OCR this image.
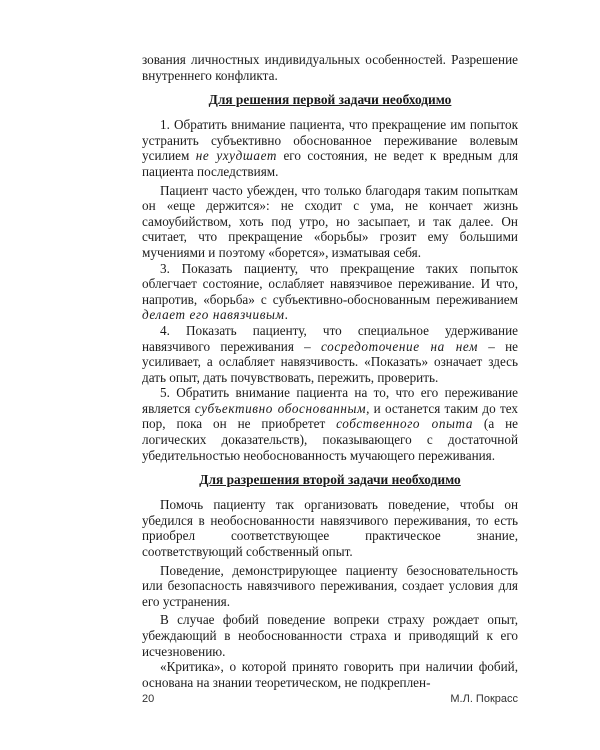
зования личностных индивидуальных особенностей. Разрешение внутреннего конфликта.

Для решения первой задачи необходимо

1. Обратить внимание пациента, что прекращение им попыток устранить субъективно обоснованное переживание волевым усилием не ухудшает его состояния, не ведет к вредным для пациента последствиям.

Пациент часто убежден, что только благодаря таким попыткам он «еще держится»: не сходит с ума, не кончает жизнь самоубийством, хоть под утро, но засыпает, и так далее. Он считает, что прекращение «борьбы» грозит ему большими мучениями и поэтому «борется», изматывая себя.

3. Показать пациенту, что прекращение таких попыток облегчает состояние, ослабляет навязчивое переживание. И что, напротив, «борьба» с субъективно-обоснованным переживанием делает его навязчивым.

4. Показать пациенту, что специальное удерживание навязчивого переживания – сосредоточение на нем – не усиливает, а ослабляет навязчивость. «Показать» означает здесь дать опыт, дать почувствовать, пережить, проверить.

5. Обратить внимание пациента на то, что его переживание является субъективно обоснованным, и останется таким до тех пор, пока он не приобретет собственного опыта (а не логических доказательств), показывающего с достаточной убедительностью необоснованность мучающего переживания.

Для разрешения второй задачи необходимо

Помочь пациенту так организовать поведение, чтобы он убедился в необоснованности навязчивого переживания, то есть приобрел соответствующее практическое знание, соответствующий собственный опыт.

Поведение, демонстрирующее пациенту безосновательность или безопасность навязчивого переживания, создает условия для его устранения.

В случае фобий поведение вопреки страху рождает опыт, убеждающий в необоснованности страха и приводящий к его исчезновению.

«Критика», о которой принято говорить при наличии фобий, основана на знании теоретическом, не подкреплен-

20	М.Л. Покрасс
